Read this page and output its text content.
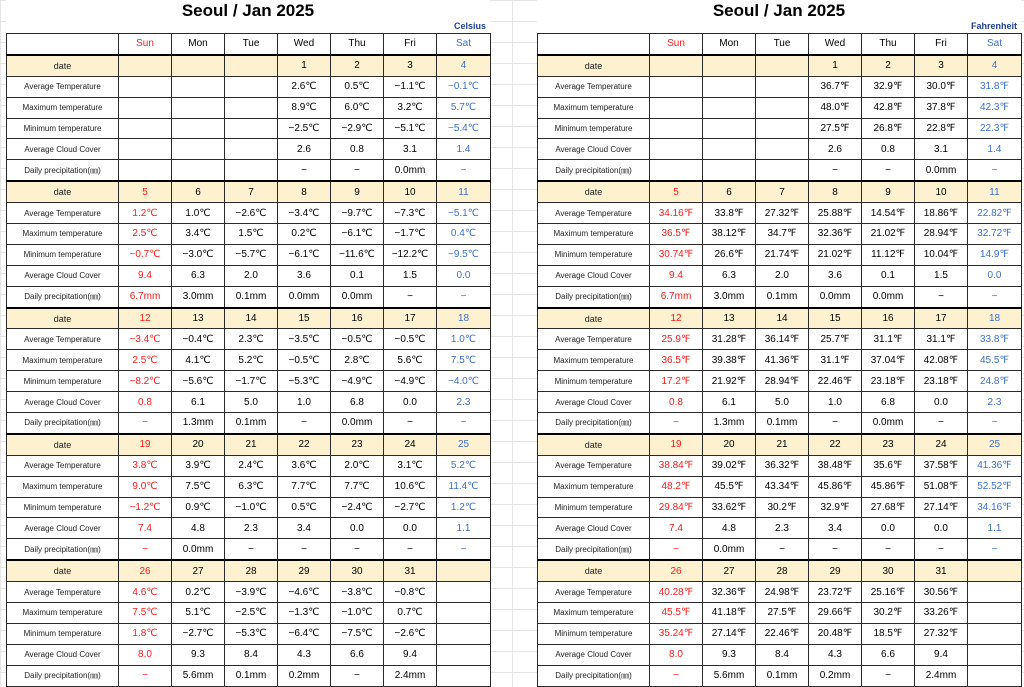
Seoul / Jan 2025
Celsius
	Sun	Mon	Tue	Wed	Thu	Fri	Sat
date				1	2	3	4
Average Temperature				2.6℃	0.5℃	−1.1℃	−0.1℃
Maximum temperature				8.9℃	6.0℃	3.2℃	5.7℃
Minimum temperature				−2.5℃	−2.9℃	−5.1℃	−5.4℃
Average Cloud Cover				2.6	0.8	3.1	1.4
Daily precipitation(㎜)				−	−	0.0mm	−
date	5	6	7	8	9	10	11
Average Temperature	1.2℃	1.0℃	−2.6℃	−3.4℃	−9.7℃	−7.3℃	−5.1℃
Maximum temperature	2.5℃	3.4℃	1.5℃	0.2℃	−6.1℃	−1.7℃	0.4℃
Minimum temperature	−0.7℃	−3.0℃	−5.7℃	−6.1℃	−11.6℃	−12.2℃	−9.5℃
Average Cloud Cover	9.4	6.3	2.0	3.6	0.1	1.5	0.0
Daily precipitation(㎜)	6.7mm	3.0mm	0.1mm	0.0mm	0.0mm	−	−
date	12	13	14	15	16	17	18
Average Temperature	−3.4℃	−0.4℃	2.3℃	−3.5℃	−0.5℃	−0.5℃	1.0℃
Maximum temperature	2.5℃	4.1℃	5.2℃	−0.5℃	2.8℃	5.6℃	7.5℃
Minimum temperature	−8.2℃	−5.6℃	−1.7℃	−5.3℃	−4.9℃	−4.9℃	−4.0℃
Average Cloud Cover	0.8	6.1	5.0	1.0	6.8	0.0	2.3
Daily precipitation(㎜)	−	1.3mm	0.1mm	−	0.0mm	−	−
date	19	20	21	22	23	24	25
Average Temperature	3.8℃	3.9℃	2.4℃	3.6℃	2.0℃	3.1℃	5.2℃
Maximum temperature	9.0℃	7.5℃	6.3℃	7.7℃	7.7℃	10.6℃	11.4℃
Minimum temperature	−1.2℃	0.9℃	−1.0℃	0.5℃	−2.4℃	−2.7℃	1.2℃
Average Cloud Cover	7.4	4.8	2.3	3.4	0.0	0.0	1.1
Daily precipitation(㎜)	−	0.0mm	−	−	−	−	−
date	26	27	28	29	30	31	
Average Temperature	4.6℃	0.2℃	−3.9℃	−4.6℃	−3.8℃	−0.8℃	
Maximum temperature	7.5℃	5.1℃	−2.5℃	−1.3℃	−1.0℃	0.7℃	
Minimum temperature	1.8℃	−2.7℃	−5.3℃	−6.4℃	−7.5℃	−2.6℃	
Average Cloud Cover	8.0	9.3	8.4	4.3	6.6	9.4	
Daily precipitation(㎜)	−	5.6mm	0.1mm	0.2mm	−	2.4mm	
Seoul / Jan 2025
Fahrenheit
	Sun	Mon	Tue	Wed	Thu	Fri	Sat
date				1	2	3	4
Average Temperature				36.7℉	32.9℉	30.0℉	31.8℉
Maximum temperature				48.0℉	42.8℉	37.8℉	42.3℉
Minimum temperature				27.5℉	26.8℉	22.8℉	22.3℉
Average Cloud Cover				2.6	0.8	3.1	1.4
Daily precipitation(㎜)				−	−	0.0mm	−
date	5	6	7	8	9	10	11
Average Temperature	34.16℉	33.8℉	27.32℉	25.88℉	14.54℉	18.86℉	22.82℉
Maximum temperature	36.5℉	38.12℉	34.7℉	32.36℉	21.02℉	28.94℉	32.72℉
Minimum temperature	30.74℉	26.6℉	21.74℉	21.02℉	11.12℉	10.04℉	14.9℉
Average Cloud Cover	9.4	6.3	2.0	3.6	0.1	1.5	0.0
Daily precipitation(㎜)	6.7mm	3.0mm	0.1mm	0.0mm	0.0mm	−	−
date	12	13	14	15	16	17	18
Average Temperature	25.9℉	31.28℉	36.14℉	25.7℉	31.1℉	31.1℉	33.8℉
Maximum temperature	36.5℉	39.38℉	41.36℉	31.1℉	37.04℉	42.08℉	45.5℉
Minimum temperature	17.2℉	21.92℉	28.94℉	22.46℉	23.18℉	23.18℉	24.8℉
Average Cloud Cover	0.8	6.1	5.0	1.0	6.8	0.0	2.3
Daily precipitation(㎜)	−	1.3mm	0.1mm	−	0.0mm	−	−
date	19	20	21	22	23	24	25
Average Temperature	38.84℉	39.02℉	36.32℉	38.48℉	35.6℉	37.58℉	41.36℉
Maximum temperature	48.2℉	45.5℉	43.34℉	45.86℉	45.86℉	51.08℉	52.52℉
Minimum temperature	29.84℉	33.62℉	30.2℉	32.9℉	27.68℉	27.14℉	34.16℉
Average Cloud Cover	7.4	4.8	2.3	3.4	0.0	0.0	1.1
Daily precipitation(㎜)	−	0.0mm	−	−	−	−	−
date	26	27	28	29	30	31	
Average Temperature	40.28℉	32.36℉	24.98℉	23.72℉	25.16℉	30.56℉	
Maximum temperature	45.5℉	41.18℉	27.5℉	29.66℉	30.2℉	33.26℉	
Minimum temperature	35.24℉	27.14℉	22.46℉	20.48℉	18.5℉	27.32℉	
Average Cloud Cover	8.0	9.3	8.4	4.3	6.6	9.4	
Daily precipitation(㎜)	−	5.6mm	0.1mm	0.2mm	−	2.4mm	
